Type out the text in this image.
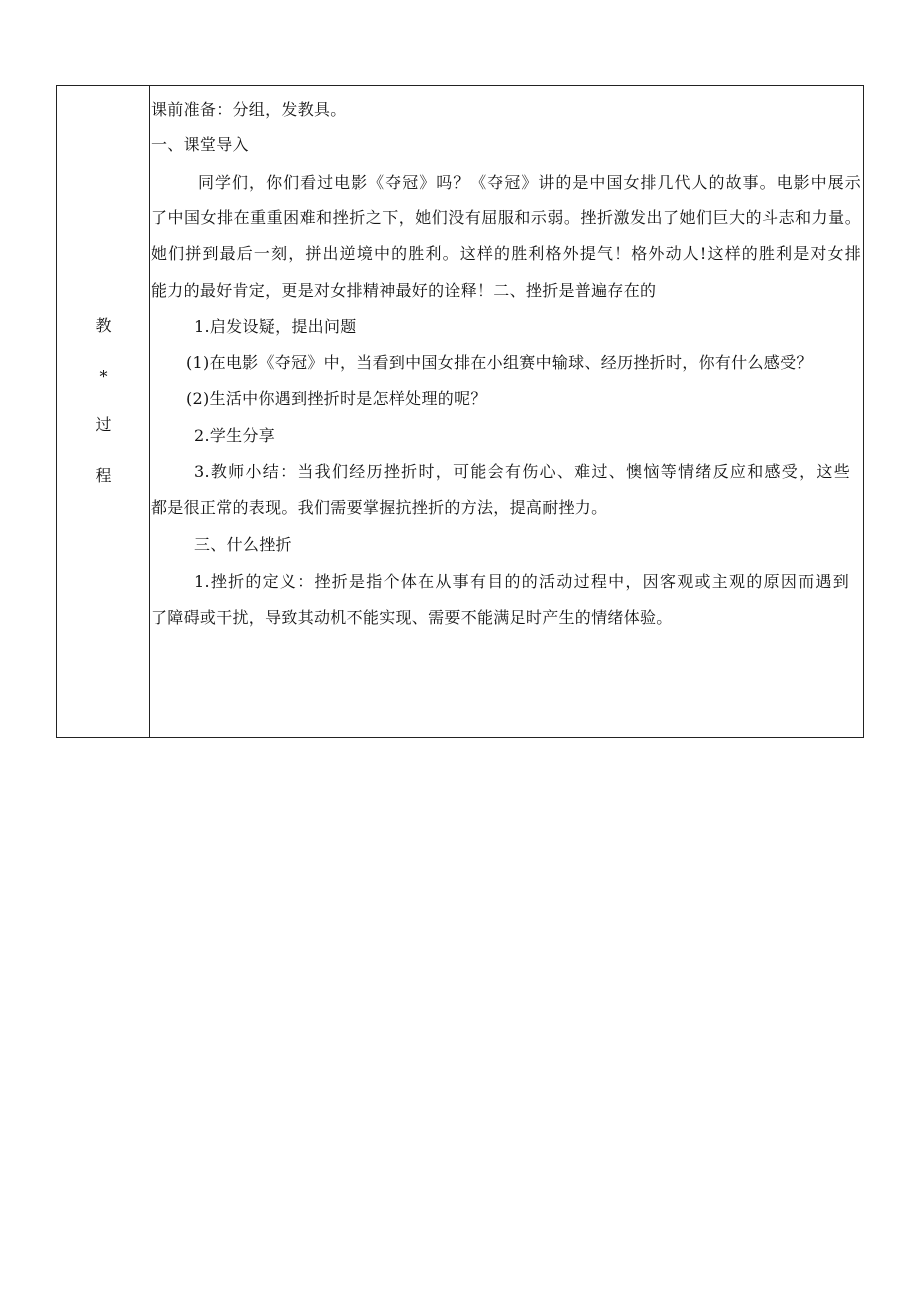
教
*
过
程
课前准备：分组，发教具。
一、课堂导入
同学们，你们看过电影《夺冠》吗？《夺冠》讲的是中国女排几代人的故事。电影中展示
了中国女排在重重困难和挫折之下，她们没有屈服和示弱。挫折激发出了她们巨大的斗志和力量。
她们拼到最后一刻，拼出逆境中的胜利。这样的胜利格外提气！格外动人!这样的胜利是对女排
能力的最好肯定，更是对女排精神最好的诠释！二、挫折是普遍存在的
1.启发设疑，提出问题
(1)在电影《夺冠》中，当看到中国女排在小组赛中输球、经历挫折时，你有什么感受？
(2)生活中你遇到挫折时是怎样处理的呢？
2.学生分享
3.教师小结：当我们经历挫折时，可能会有伤心、难过、懊恼等情绪反应和感受，这些
都是很正常的表现。我们需要掌握抗挫折的方法，提高耐挫力。
三、什么挫折
1.挫折的定义：挫折是指个体在从事有目的的活动过程中，因客观或主观的原因而遇到
了障碍或干扰，导致其动机不能实现、需要不能满足时产生的情绪体验。
